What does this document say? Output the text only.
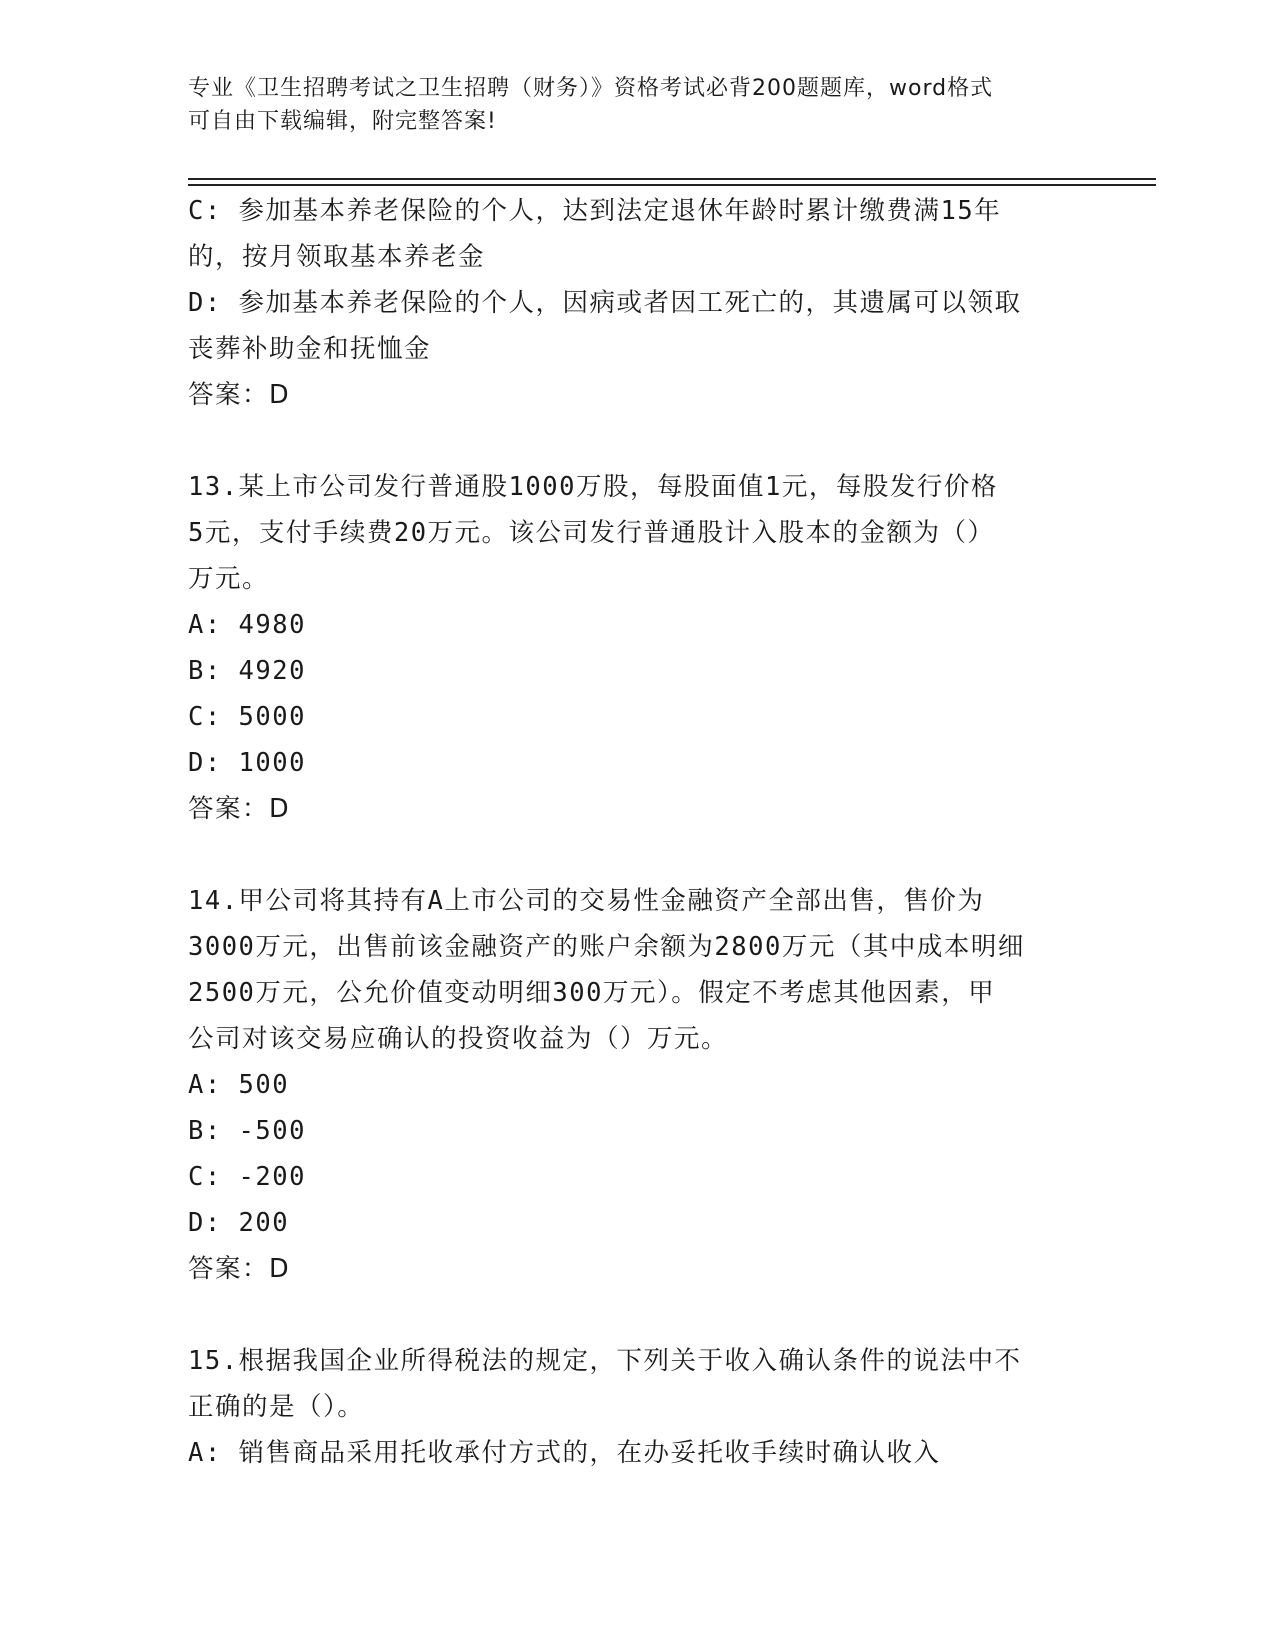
专业《卫生招聘考试之卫生招聘（财务）》资格考试必背200题题库，word格式
可自由下载编辑，附完整答案!

C: 参加基本养老保险的个人，达到法定退休年龄时累计缴费满15年

的，按月领取基本养老金

D: 参加基本养老保险的个人，因病或者因工死亡的，其遗属可以领取

丧葬补助金和抚恤金

答案：D

13.某上市公司发行普通股1000万股，每股面值1元，每股发行价格

5元，支付手续费20万元。该公司发行普通股计入股本的金额为（）

万元。

A: 4980

B: 4920

C: 5000

D: 1000

答案：D

14.甲公司将其持有A上市公司的交易性金融资产全部出售，售价为

3000万元，出售前该金融资产的账户余额为2800万元（其中成本明细

2500万元，公允价值变动明细300万元）。假定不考虑其他因素，甲

公司对该交易应确认的投资收益为（）万元。

A: 500

B: -500

C: -200

D: 200

答案：D

15.根据我国企业所得税法的规定，下列关于收入确认条件的说法中不

正确的是（）。

A: 销售商品采用托收承付方式的，在办妥托收手续时确认收入
